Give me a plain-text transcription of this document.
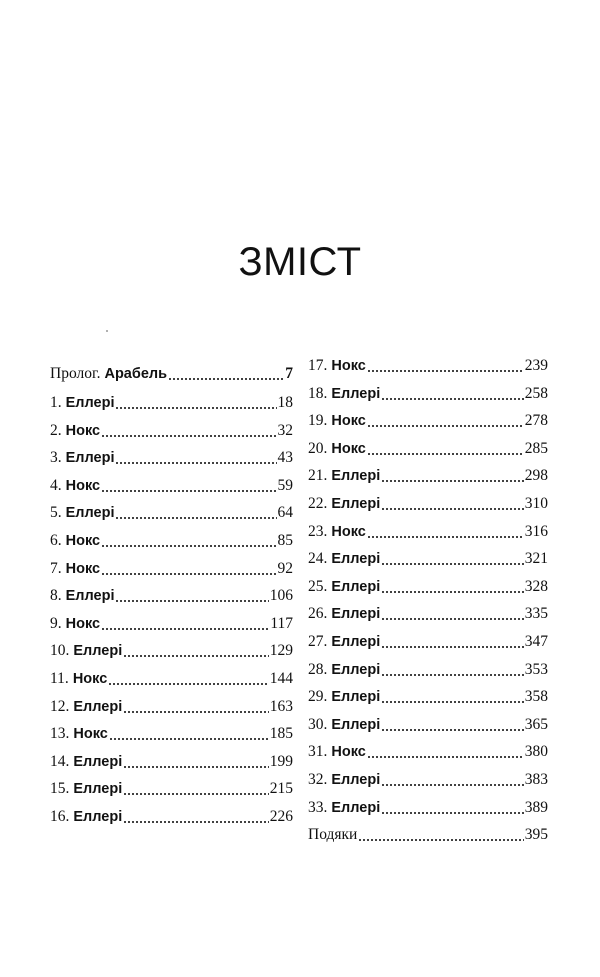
ЗМІСТ
Пролог. Арабель	7
1. Еллері	18
2. Нокс	32
3. Еллері	43
4. Нокс	59
5. Еллері	64
6. Нокс	85
7. Нокс	92
8. Еллері	106
9. Нокс	117
10. Еллері	129
11. Нокс	144
12. Еллері	163
13. Нокс	185
14. Еллері	199
15. Еллері	215
16. Еллері	226
17. Нокс	239
18. Еллері	258
19. Нокс	278
20. Нокс	285
21. Еллері	298
22. Еллері	310
23. Нокс	316
24. Еллері	321
25. Еллері	328
26. Еллері	335
27. Еллері	347
28. Еллері	353
29. Еллері	358
30. Еллері	365
31. Нокс	380
32. Еллері	383
33. Еллері	389
Подяки	395
